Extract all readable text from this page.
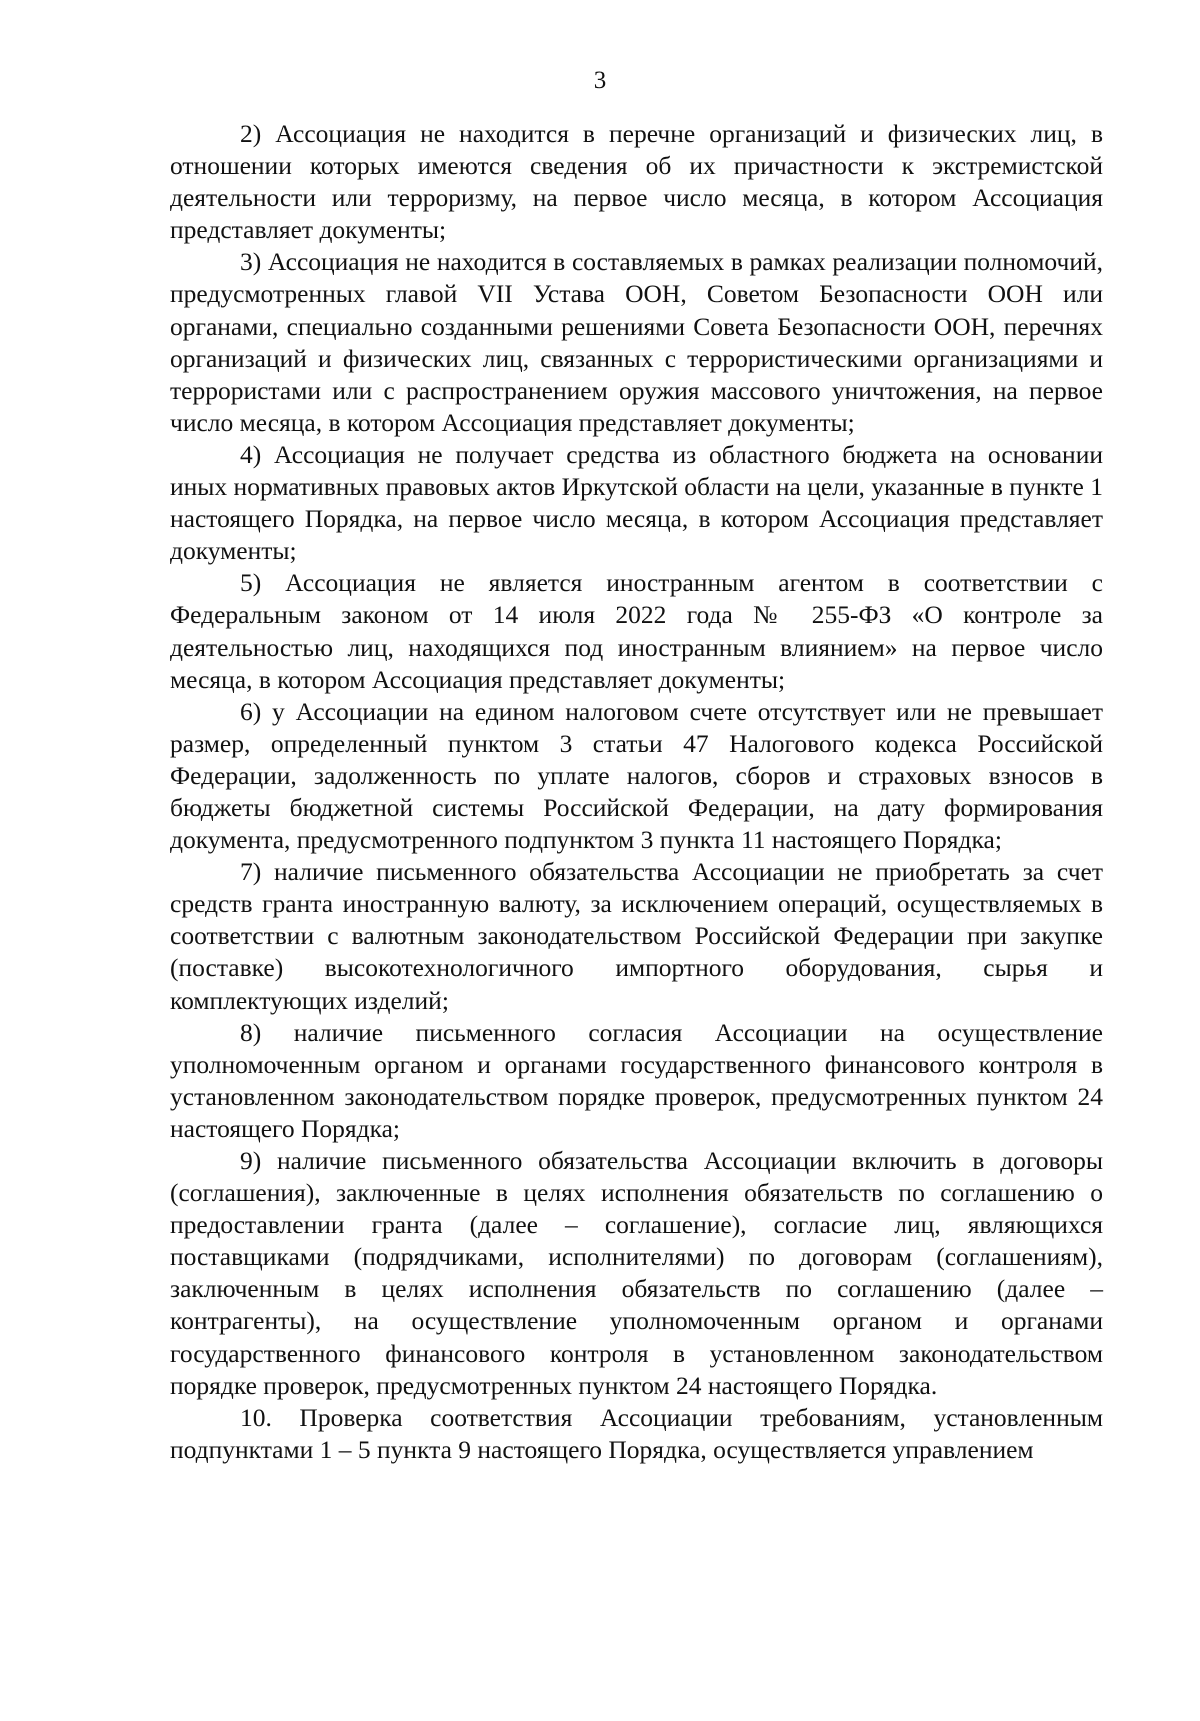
3

2) Ассоциация не находится в перечне организаций и физических лиц, в отношении которых имеются сведения об их причастности к экстремистской деятельности или терроризму, на первое число месяца, в котором Ассоциация представляет документы;

3) Ассоциация не находится в составляемых в рамках реализации полномочий, предусмотренных главой VII Устава ООН, Советом Безопасности ООН или органами, специально созданными решениями Совета Безопасности ООН, перечнях организаций и физических лиц, связанных с террористическими организациями и террористами или с распространением оружия массового уничтожения, на первое число месяца, в котором Ассоциация представляет документы;

4) Ассоциация не получает средства из областного бюджета на основании иных нормативных правовых актов Иркутской области на цели, указанные в пункте 1 настоящего Порядка, на первое число месяца, в котором Ассоциация представляет документы;

5) Ассоциация не является иностранным агентом в соответствии с Федеральным законом от 14 июля 2022 года № 255-ФЗ «О контроле за деятельностью лиц, находящихся под иностранным влиянием» на первое число месяца, в котором Ассоциация представляет документы;

6) у Ассоциации на едином налоговом счете отсутствует или не превышает размер, определенный пунктом 3 статьи 47 Налогового кодекса Российской Федерации, задолженность по уплате налогов, сборов и страховых взносов в бюджеты бюджетной системы Российской Федерации, на дату формирования документа, предусмотренного подпунктом 3 пункта 11 настоящего Порядка;

7) наличие письменного обязательства Ассоциации не приобретать за счет средств гранта иностранную валюту, за исключением операций, осуществляемых в соответствии с валютным законодательством Российской Федерации при закупке (поставке) высокотехнологичного импортного оборудования, сырья и комплектующих изделий;

8) наличие письменного согласия Ассоциации на осуществление уполномоченным органом и органами государственного финансового контроля в установленном законодательством порядке проверок, предусмотренных пунктом 24 настоящего Порядка;

9) наличие письменного обязательства Ассоциации включить в договоры (соглашения), заключенные в целях исполнения обязательств по соглашению о предоставлении гранта (далее – соглашение), согласие лиц, являющихся поставщиками (подрядчиками, исполнителями) по договорам (соглашениям), заключенным в целях исполнения обязательств по соглашению (далее – контрагенты), на осуществление уполномоченным органом и органами государственного финансового контроля в установленном законодательством порядке проверок, предусмотренных пунктом 24 настоящего Порядка.

10. Проверка соответствия Ассоциации требованиям, установленным подпунктами 1 – 5 пункта 9 настоящего Порядка, осуществляется управлением
